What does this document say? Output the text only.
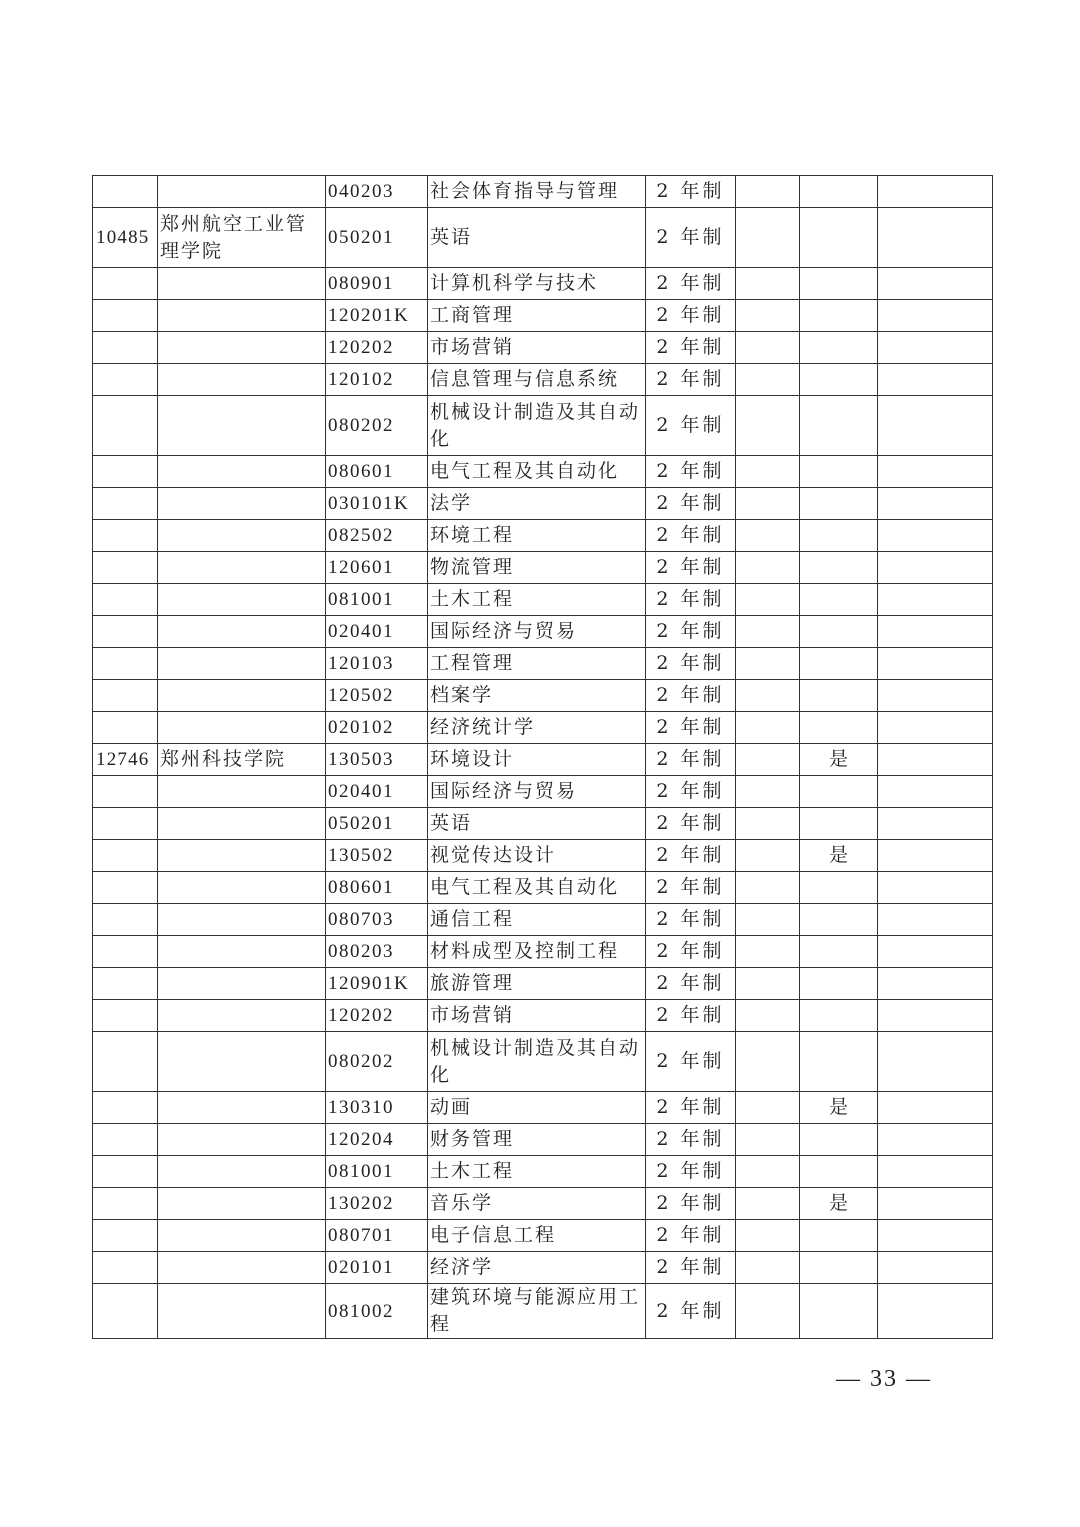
		040203	社会体育指导与管理	2 年制			
10485	郑州航空工业管理学院	050201	英语	2 年制			
		080901	计算机科学与技术	2 年制			
		120201K	工商管理	2 年制			
		120202	市场营销	2 年制			
		120102	信息管理与信息系统	2 年制			
		080202	机械设计制造及其自动化	2 年制			
		080601	电气工程及其自动化	2 年制			
		030101K	法学	2 年制			
		082502	环境工程	2 年制			
		120601	物流管理	2 年制			
		081001	土木工程	2 年制			
		020401	国际经济与贸易	2 年制			
		120103	工程管理	2 年制			
		120502	档案学	2 年制			
		020102	经济统计学	2 年制			
12746	郑州科技学院	130503	环境设计	2 年制		是	
		020401	国际经济与贸易	2 年制			
		050201	英语	2 年制			
		130502	视觉传达设计	2 年制		是	
		080601	电气工程及其自动化	2 年制			
		080703	通信工程	2 年制			
		080203	材料成型及控制工程	2 年制			
		120901K	旅游管理	2 年制			
		120202	市场营销	2 年制			
		080202	机械设计制造及其自动化	2 年制			
		130310	动画	2 年制		是	
		120204	财务管理	2 年制			
		081001	土木工程	2 年制			
		130202	音乐学	2 年制		是	
		080701	电子信息工程	2 年制			
		020101	经济学	2 年制			
		081002	建筑环境与能源应用工程	2 年制			
— 33 —
